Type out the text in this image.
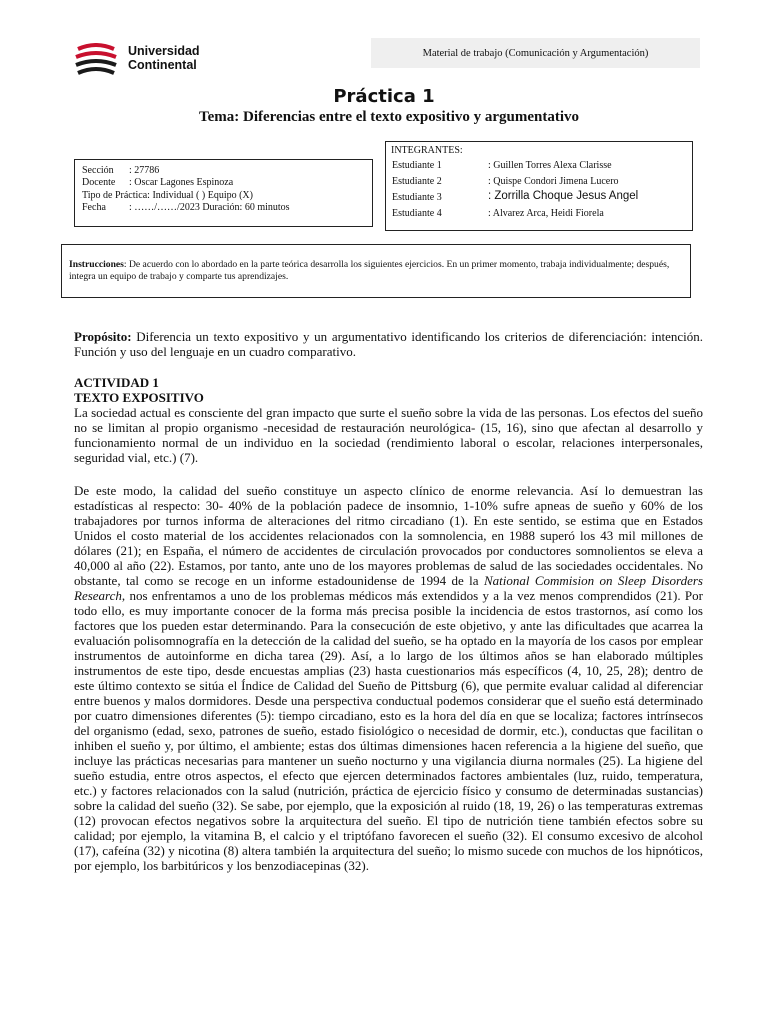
Universidad
Continental
Material de trabajo (Comunicación y Argumentación)
Práctica 1
Tema: Diferencias entre el texto expositivo y argumentativo
Sección : 27786
Docente : Oscar Lagones Espinoza
Tipo de Práctica: Individual ( ) Equipo (X)
Fecha : ……/……/2023 Duración: 60 minutos
INTEGRANTES:
Estudiante 1	: Guillen Torres Alexa Clarisse
Estudiante 2	: Quispe Condori Jimena Lucero
Estudiante 3	: Zorrilla Choque Jesus Angel
Estudiante 4	: Alvarez Arca, Heidi Fiorela
Instrucciones: De acuerdo con lo abordado en la parte teórica desarrolla los siguientes ejercicios. En un primer momento, trabaja individualmente; después, integra un equipo de trabajo y comparte tus aprendizajes.
Propósito: Diferencia un texto expositivo y un argumentativo identificando los criterios de diferenciación: intención. Función y uso del lenguaje en un cuadro comparativo.
ACTIVIDAD 1
TEXTO EXPOSITIVO
La sociedad actual es consciente del gran impacto que surte el sueño sobre la vida de las personas. Los efectos del sueño no se limitan al propio organismo -necesidad de restauración neurológica- (15, 16), sino que afectan al desarrollo y funcionamiento normal de un individuo en la sociedad (rendimiento laboral o escolar, relaciones interpersonales, seguridad vial, etc.) (7).
De este modo, la calidad del sueño constituye un aspecto clínico de enorme relevancia. Así lo demuestran las estadísticas al respecto: 30- 40% de la población padece de insomnio, 1-10% sufre apneas de sueño y 60% de los trabajadores por turnos informa de alteraciones del ritmo circadiano (1). En este sentido, se estima que en Estados Unidos el costo material de los accidentes relacionados con la somnolencia, en 1988 superó los 43 mil millones de dólares (21); en España, el número de accidentes de circulación provocados por conductores somnolientos se eleva a 40,000 al año (22). Estamos, por tanto, ante uno de los mayores problemas de salud de las sociedades occidentales. No obstante, tal como se recoge en un informe estadounidense de 1994 de la National Commision on Sleep Disorders Research, nos enfrentamos a uno de los problemas médicos más extendidos y a la vez menos comprendidos (21). Por todo ello, es muy importante conocer de la forma más precisa posible la incidencia de estos trastornos, así como los factores que los pueden estar determinando. Para la consecución de este objetivo, y ante las dificultades que acarrea la evaluación polisomnografía en la detección de la calidad del sueño, se ha optado en la mayoría de los casos por emplear instrumentos de autoinforme en dicha tarea (29). Así, a lo largo de los últimos años se han elaborado múltiples instrumentos de este tipo, desde encuestas amplias (23) hasta cuestionarios más específicos (4, 10, 25, 28); dentro de este último contexto se sitúa el Índice de Calidad del Sueño de Pittsburg (6), que permite evaluar calidad al diferenciar entre buenos y malos dormidores. Desde una perspectiva conductual podemos considerar que el sueño está determinado por cuatro dimensiones diferentes (5): tiempo circadiano, esto es la hora del día en que se localiza; factores intrínsecos del organismo (edad, sexo, patrones de sueño, estado fisiológico o necesidad de dormir, etc.), conductas que facilitan o inhiben el sueño y, por último, el ambiente; estas dos últimas dimensiones hacen referencia a la higiene del sueño, que incluye las prácticas necesarias para mantener un sueño nocturno y una vigilancia diurna normales (25). La higiene del sueño estudia, entre otros aspectos, el efecto que ejercen determinados factores ambientales (luz, ruido, temperatura, etc.) y factores relacionados con la salud (nutrición, práctica de ejercicio físico y consumo de determinadas sustancias) sobre la calidad del sueño (32). Se sabe, por ejemplo, que la exposición al ruido (18, 19, 26) o las temperaturas extremas (12) provocan efectos negativos sobre la arquitectura del sueño. El tipo de nutrición tiene también efectos sobre su calidad; por ejemplo, la vitamina B, el calcio y el triptófano favorecen el sueño (32). El consumo excesivo de alcohol (17), cafeína (32) y nicotina (8) altera también la arquitectura del sueño; lo mismo sucede con muchos de los hipnóticos, por ejemplo, los barbitúricos y los benzodiacepinas (32).
